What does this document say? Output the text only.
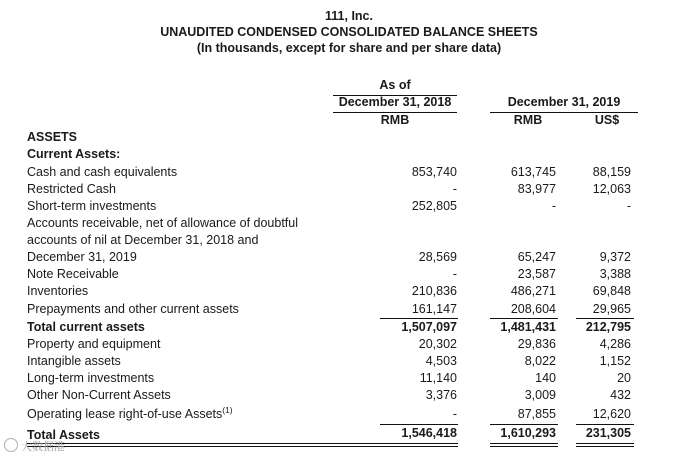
111, Inc.
UNAUDITED CONDENSED CONSOLIDATED BALANCE SHEETS
(In thousands, except for share and per share data)
As of
December 31, 2018
RMB
December 31, 2019
RMB	US$
ASSETS
Current Assets:
Cash and cash equivalents	853,740	613,745	88,159
Restricted Cash	-	83,977	12,063
Short-term investments	252,805	-	-
Accounts receivable, net of allowance of doubtful
accounts of nil at December 31, 2018 and
December 31, 2019	28,569	65,247	9,372
Note Receivable	-	23,587	3,388
Inventories	210,836	486,271	69,848
Prepayments and other current assets	161,147	208,604	29,965
Total current assets	1,507,097	1,481,431	212,795
Property and equipment	20,302	29,836	4,286
Intangible assets	4,503	8,022	1,152
Long-term investments	11,140	140	20
Other Non-Current Assets	3,376	3,009	432
Operating lease right-of-use Assets$^{(1)}$	-	87,855	12,620
Total Assets	1,546,418	1,610,293	231,305
大数据港
